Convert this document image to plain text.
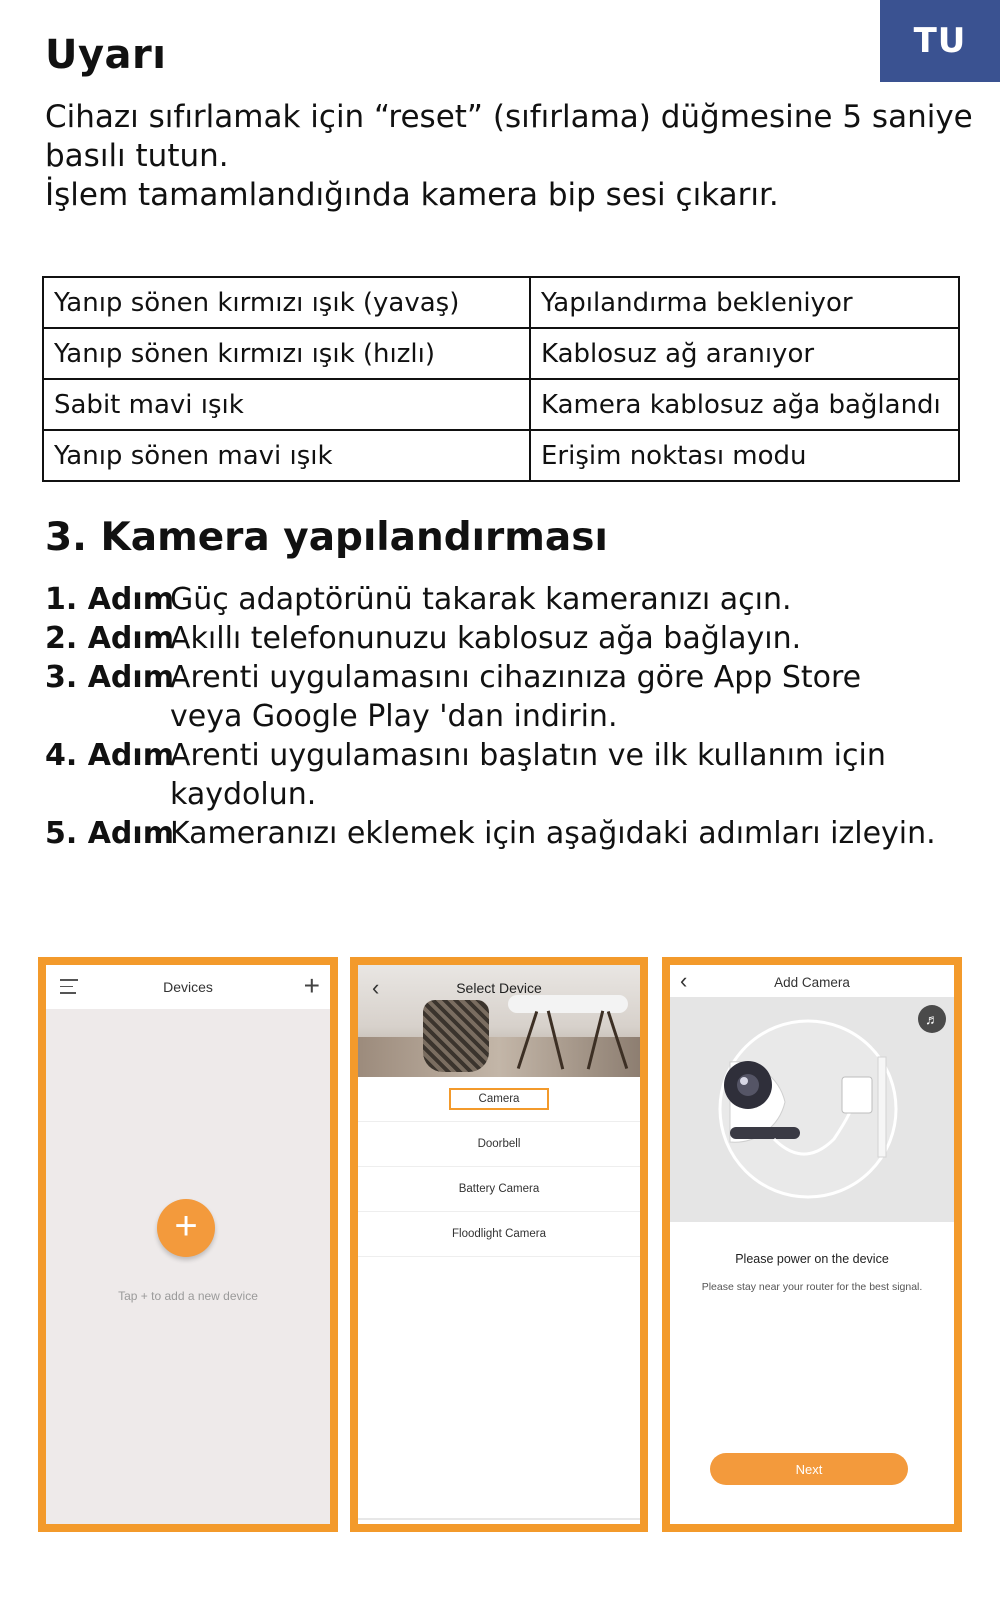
TU
Uyarı
Cihazı sıfırlamak için “reset” (sıfırlama) düğmesine 5 saniye
basılı tutun.
İşlem tamamlandığında kamera bip sesi çıkarır.
Yanıp sönen kırmızı ışık (yavaş)	Yapılandırma bekleniyor
Yanıp sönen kırmızı ışık (hızlı)	Kablosuz ağ aranıyor
Sabit mavi ışık	Kamera kablosuz ağa bağlandı
Yanıp sönen mavi ışık	Erişim noktası modu
3. Kamera yapılandırması
1. Adım
Güç adaptörünü takarak kameranızı açın.
2. Adım
Akıllı telefonunuzu kablosuz ağa bağlayın.
3. Adım
Arenti uygulamasını cihazınıza göre App Store veya Google Play 'dan indirin.
4. Adım
Arenti uygulamasını başlatın ve ilk kullanım için kaydolun.
5. Adım
Kameranızı eklemek için aşağıdaki adımları izleyin.
Devices	+
+
Tap + to add a new device
‹	Select Device
Camera
Doorbell
Battery Camera
Floodlight Camera
‹	Add Camera
♬
Please power on the device
Please stay near your router for the best signal.
Next
